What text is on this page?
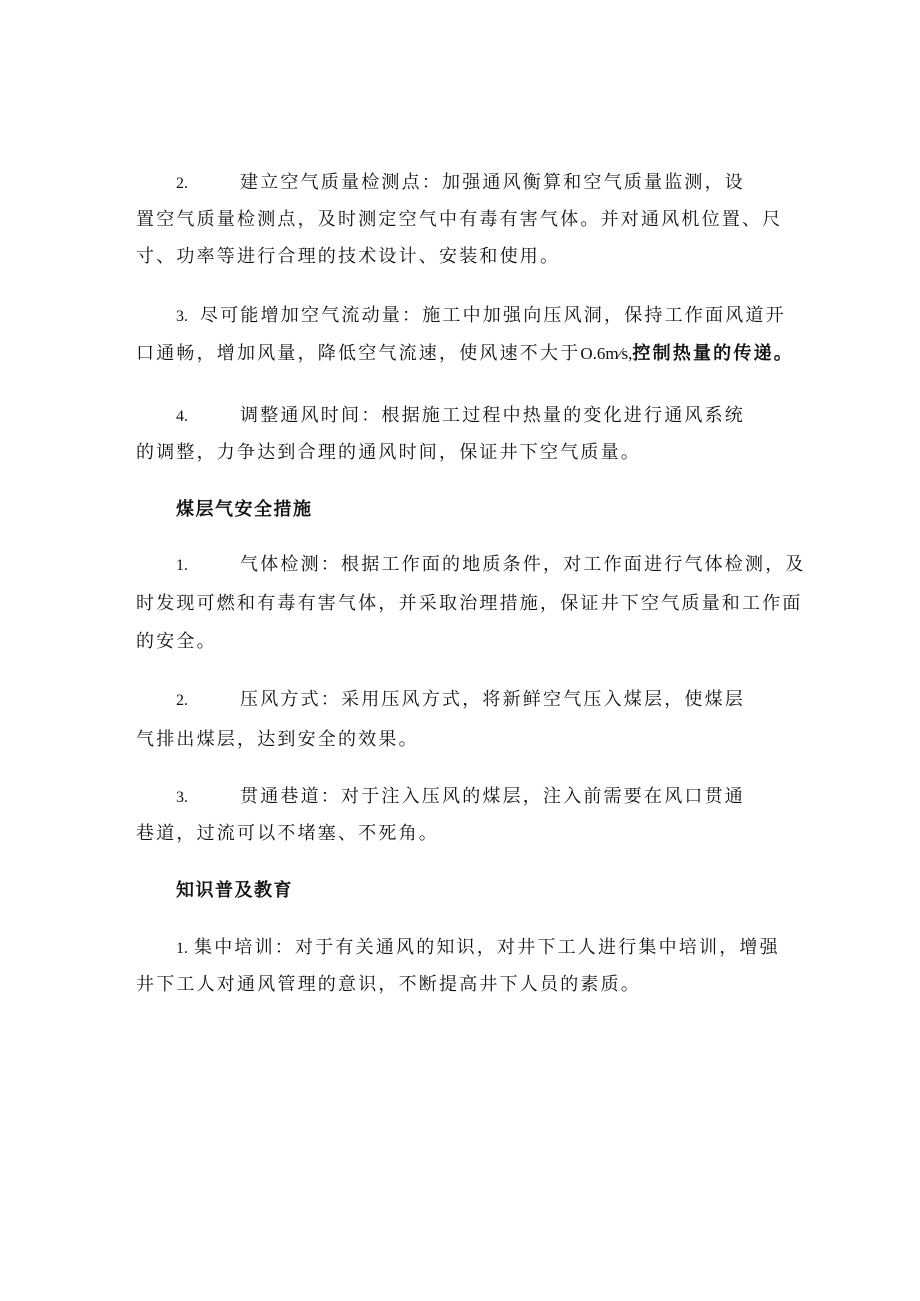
2.	建立空气质量检测点：加强通风衡算和空气质量监测，设
置空气质量检测点，及时测定空气中有毒有害气体。并对通风机位置、尺
寸、功率等进行合理的技术设计、安装和使用。
3. 尽可能增加空气流动量：施工中加强向压风洞，保持工作面风道开
口通畅，增加风量，降低空气流速，使风速不大于O.6m⁄s,控制热量的传递。
4.	调整通风时间：根据施工过程中热量的变化进行通风系统
的调整，力争达到合理的通风时间，保证井下空气质量。
煤层气安全措施
1.	气体检测：根据工作面的地质条件，对工作面进行气体检测，及
时发现可燃和有毒有害气体，并采取治理措施，保证井下空气质量和工作面
的安全。
2.	压风方式：采用压风方式，将新鲜空气压入煤层，使煤层
气排出煤层，达到安全的效果。
3.	贯通巷道：对于注入压风的煤层，注入前需要在风口贯通
巷道，过流可以不堵塞、不死角。
知识普及教育
1. 集中培训：对于有关通风的知识，对井下工人进行集中培训，增强
井下工人对通风管理的意识，不断提高井下人员的素质。
